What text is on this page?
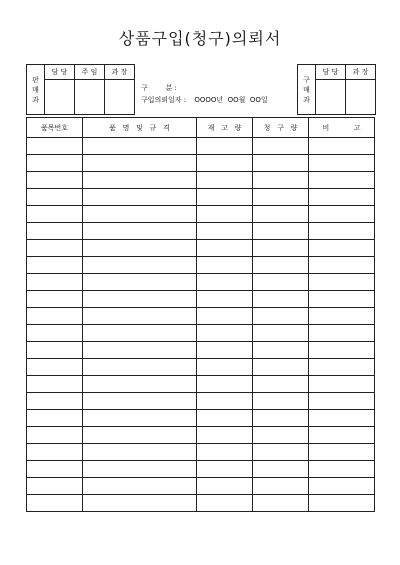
상품구입(청구)의뢰서
판
매
과	담 당	주 임	과 장

구        분 :
구입의뢰일자 : OOOO년  OO월  OO일
구
매
과	담 당	과 장

품목번호	품   명   및   규   격	재   고   량	청   구   량	비           고
